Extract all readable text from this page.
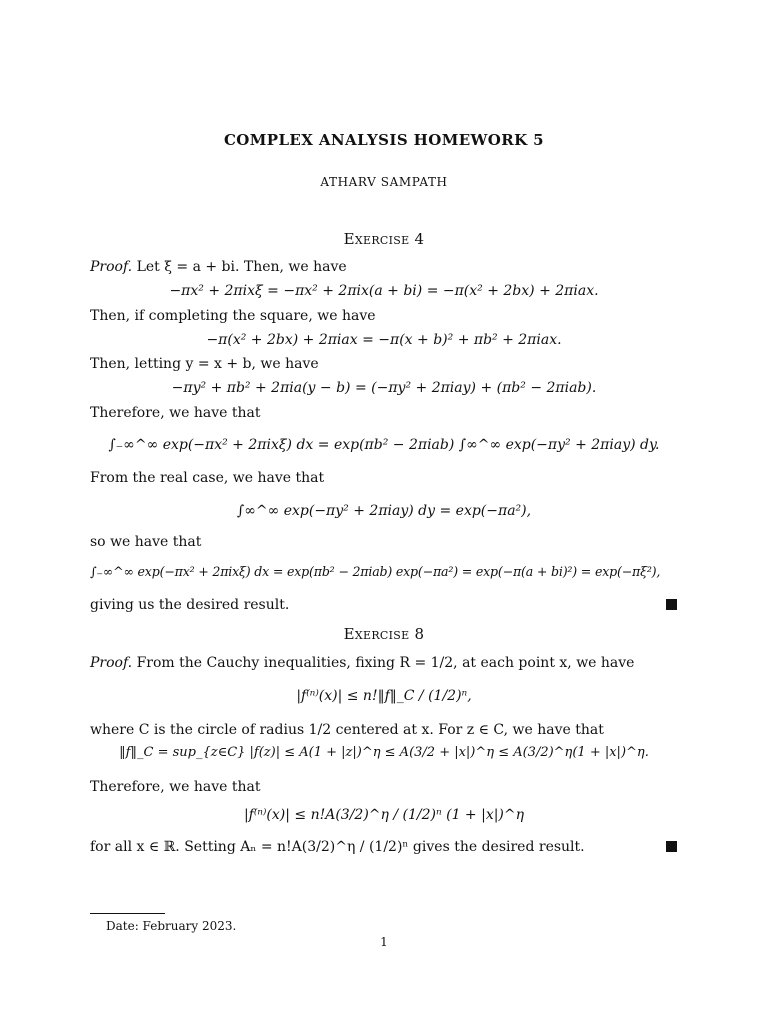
COMPLEX ANALYSIS HOMEWORK 5
ATHARV SAMPATH
Exercise 4
Proof. Let ξ = a + bi. Then, we have
−πx² + 2πixξ = −πx² + 2πix(a + bi) = −π(x² + 2bx) + 2πiax.
Then, if completing the square, we have
−π(x² + 2bx) + 2πiax = −π(x + b)² + πb² + 2πiax.
Then, letting y = x + b, we have
−πy² + πb² + 2πia(y − b) = (−πy² + 2πiay) + (πb² − 2πiab).
Therefore, we have that
∫₋∞^∞ exp(−πx² + 2πixξ) dx = exp(πb² − 2πiab) ∫∞^∞ exp(−πy² + 2πiay) dy.
From the real case, we have that
∫∞^∞ exp(−πy² + 2πiay) dy = exp(−πa²),
so we have that
∫₋∞^∞ exp(−πx² + 2πixξ) dx = exp(πb² − 2πiab) exp(−πa²) = exp(−π(a + bi)²) = exp(−πξ²),
giving us the desired result.
Exercise 8
Proof. From the Cauchy inequalities, fixing R = 1/2, at each point x, we have
|f⁽ⁿ⁾(x)| ≤ n!‖f‖_C / (1/2)ⁿ,
where C is the circle of radius 1/2 centered at x. For z ∈ C, we have that
‖f‖_C = sup_{z∈C} |f(z)| ≤ A(1 + |z|)^η ≤ A(3/2 + |x|)^η ≤ A(3/2)^η(1 + |x|)^η.
Therefore, we have that
|f⁽ⁿ⁾(x)| ≤ n!A(3/2)^η / (1/2)ⁿ (1 + |x|)^η
for all x ∈ ℝ. Setting Aₙ = n!A(3/2)^η / (1/2)ⁿ gives the desired result.
Date: February 2023.
1
